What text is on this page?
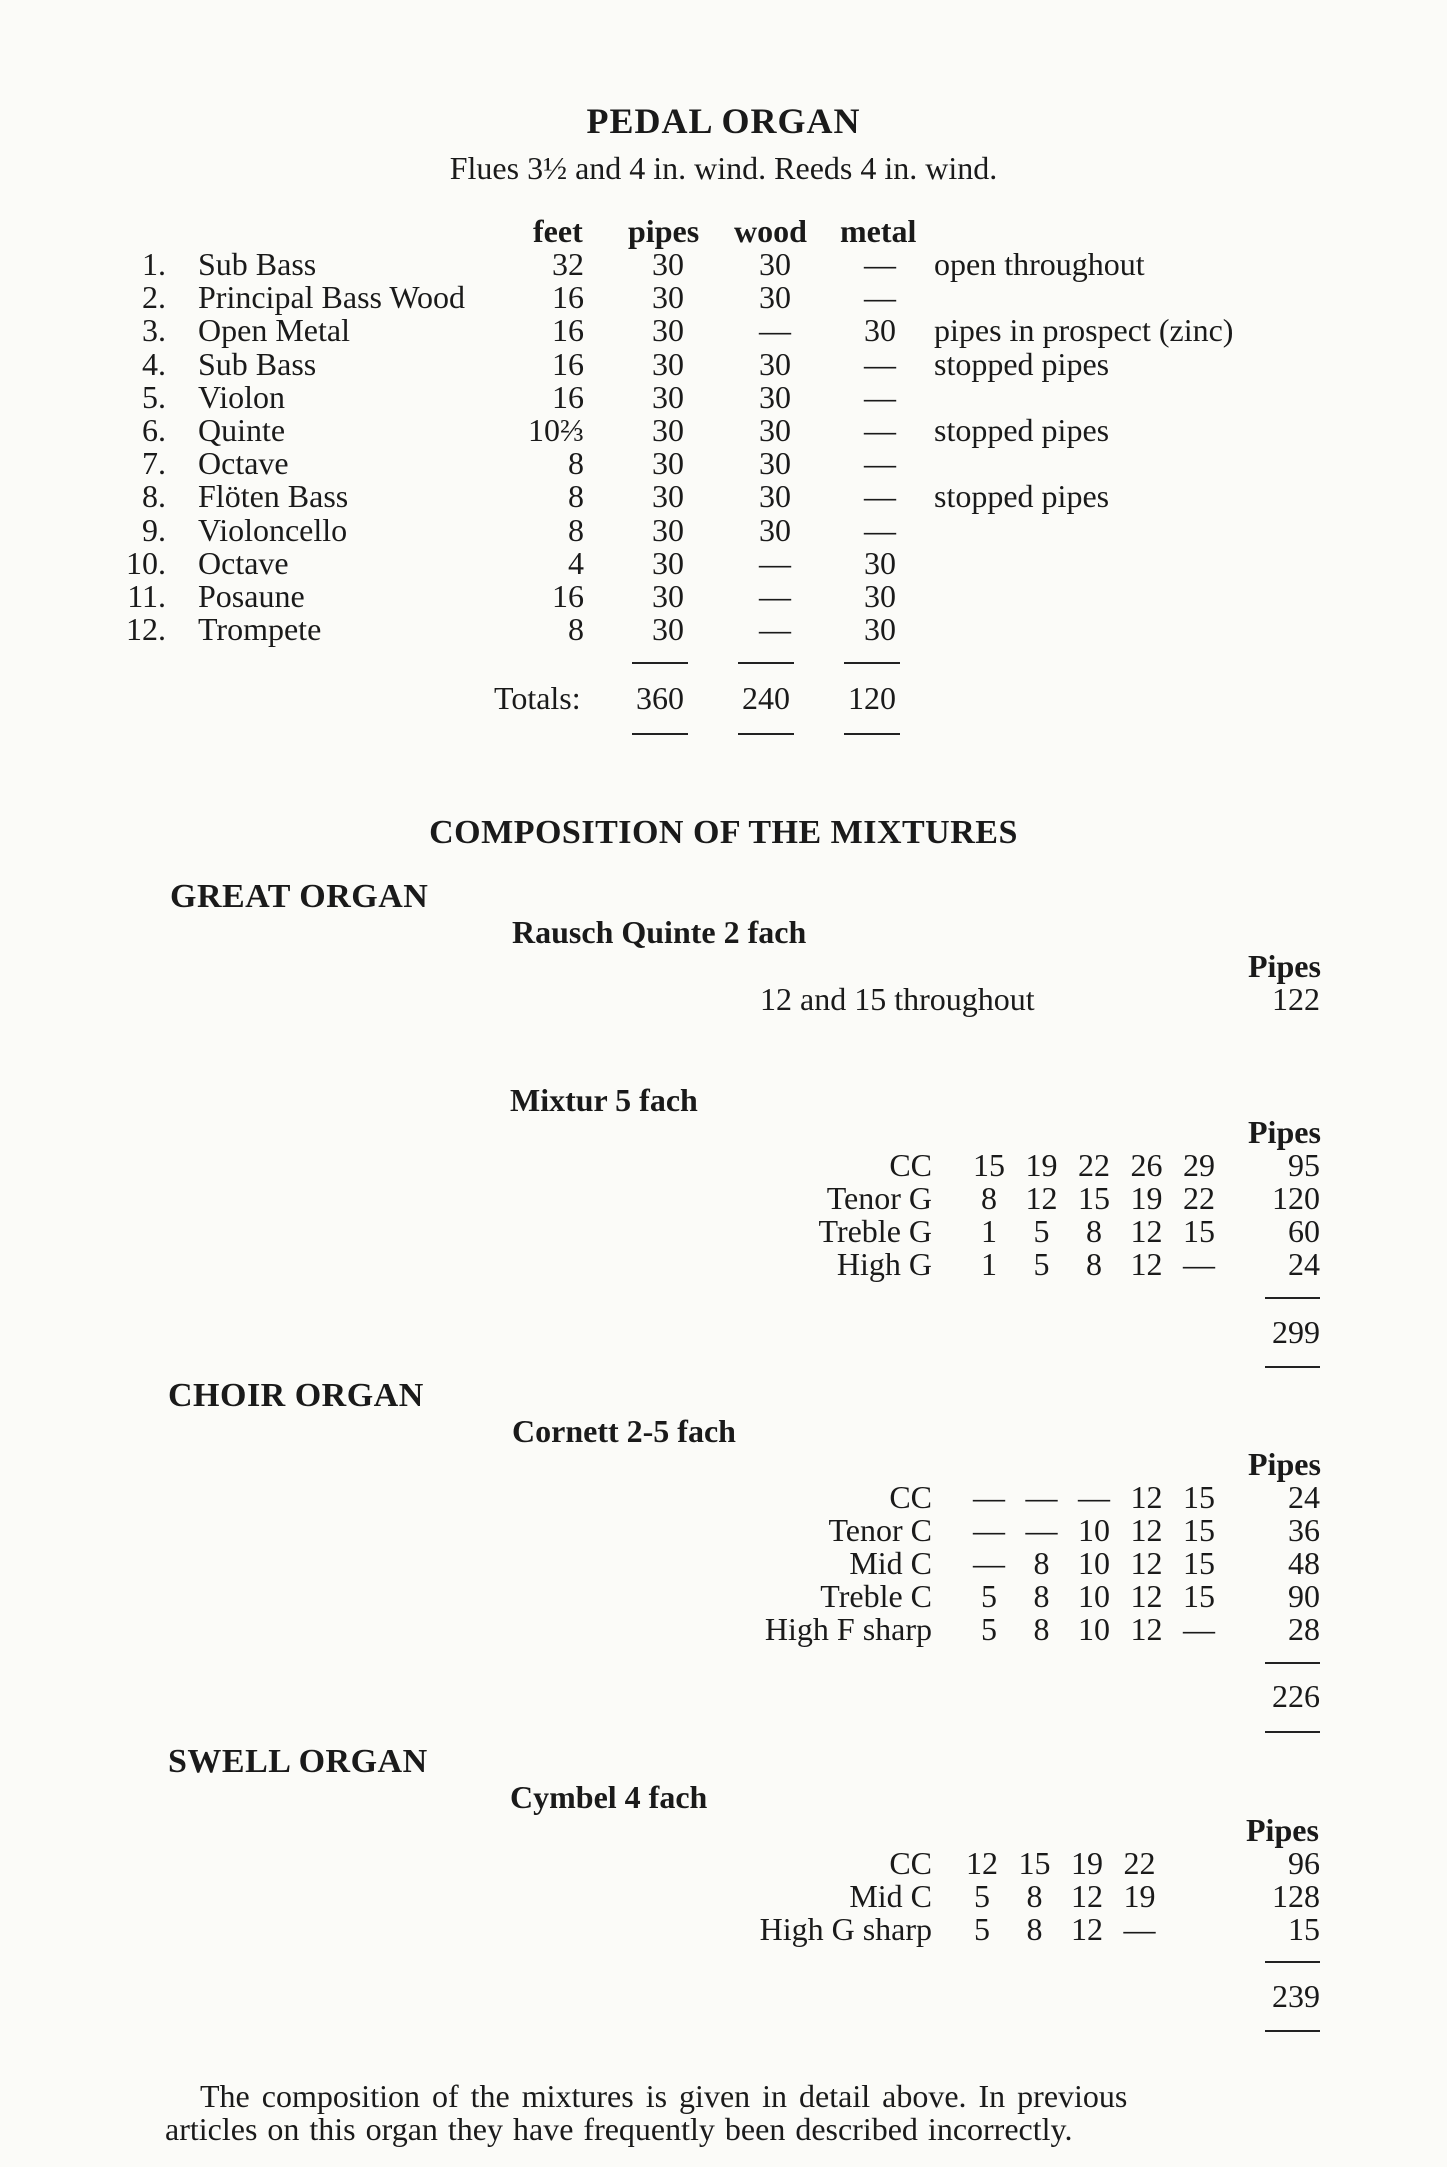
PEDAL ORGAN
Flues 3½ and 4 in. wind. Reeds 4 in. wind.
feet pipes wood metal
1. Sub Bass	32	30	30	—	open throughout
2. Principal Bass Wood	16	30	30	—
3. Open Metal	16	30	—	30	pipes in prospect (zinc)
4. Sub Bass	16	30	30	—	stopped pipes
5. Violon	16	30	30	—
6. Quinte	10⅔	30	30	—	stopped pipes
7. Octave	8	30	30	—
8. Flöten Bass	8	30	30	—	stopped pipes
9. Violoncello	8	30	30	—
10. Octave	4	30	—	30
11. Posaune	16	30	—	30
12. Trompete	8	30	—	30
Totals:	360	240	120
COMPOSITION OF THE MIXTURES
GREAT ORGAN
Rausch Quinte 2 fach
Pipes
12 and 15 throughout	122
Mixtur 5 fach
Pipes
CC 15 19 22 26 29	95
Tenor G	8 12 15 19 22	120
Treble G	1	5	8 12 15	60
High G	1	5	8 12 —	24
299
CHOIR ORGAN
Cornett 2-5 fach
Pipes
CC — — — 12 15	24
Tenor C — — 10 12 15	36
Mid C — 8 10 12 15	48
Treble C	5	8 10 12 15	90
High F sharp	5	8 10 12 —	28
226
SWELL ORGAN
Cymbel 4 fach
Pipes
CC 12 15 19 22	96
Mid C	5	8 12 19	128
High G sharp	5	8 12 —	15
239
The composition of the mixtures is given in detail above. In previous
articles on this organ they have frequently been described incorrectly.
